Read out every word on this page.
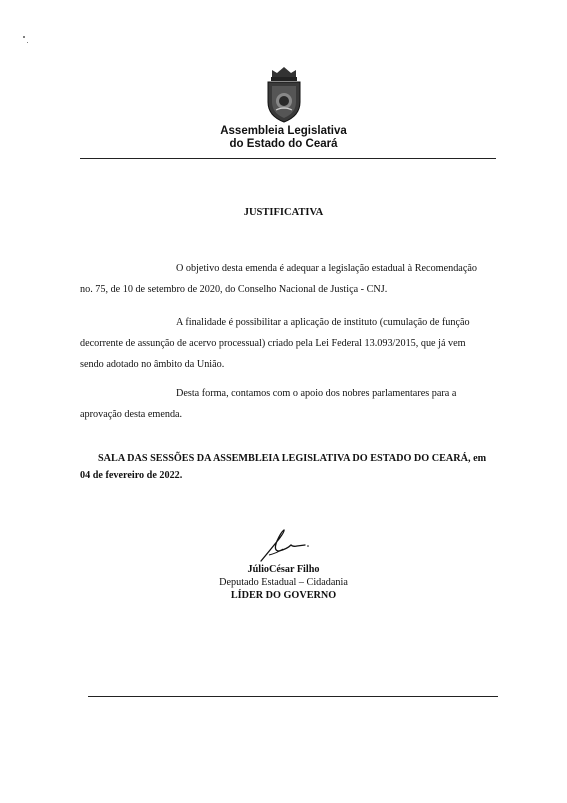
Assembleia Legislativa
do Estado do Ceará
JUSTIFICATIVA
O objetivo desta emenda é adequar a legislação estadual à Recomendação
no. 75, de 10 de setembro de 2020, do Conselho Nacional de Justiça - CNJ.
A finalidade é possibilitar a aplicação de instituto (cumulação de função
decorrente de assunção de acervo processual) criado pela Lei Federal 13.093/2015, que já vem
sendo adotado no âmbito da União.
Desta forma, contamos com o apoio dos nobres parlamentares para a
aprovação desta emenda.
SALA DAS SESSÕES DA ASSEMBLEIA LEGISLATIVA DO ESTADO DO CEARÁ, em
04 de fevereiro de 2022.
JúlioCésar Filho
Deputado Estadual – Cidadania
LÍDER DO GOVERNO
